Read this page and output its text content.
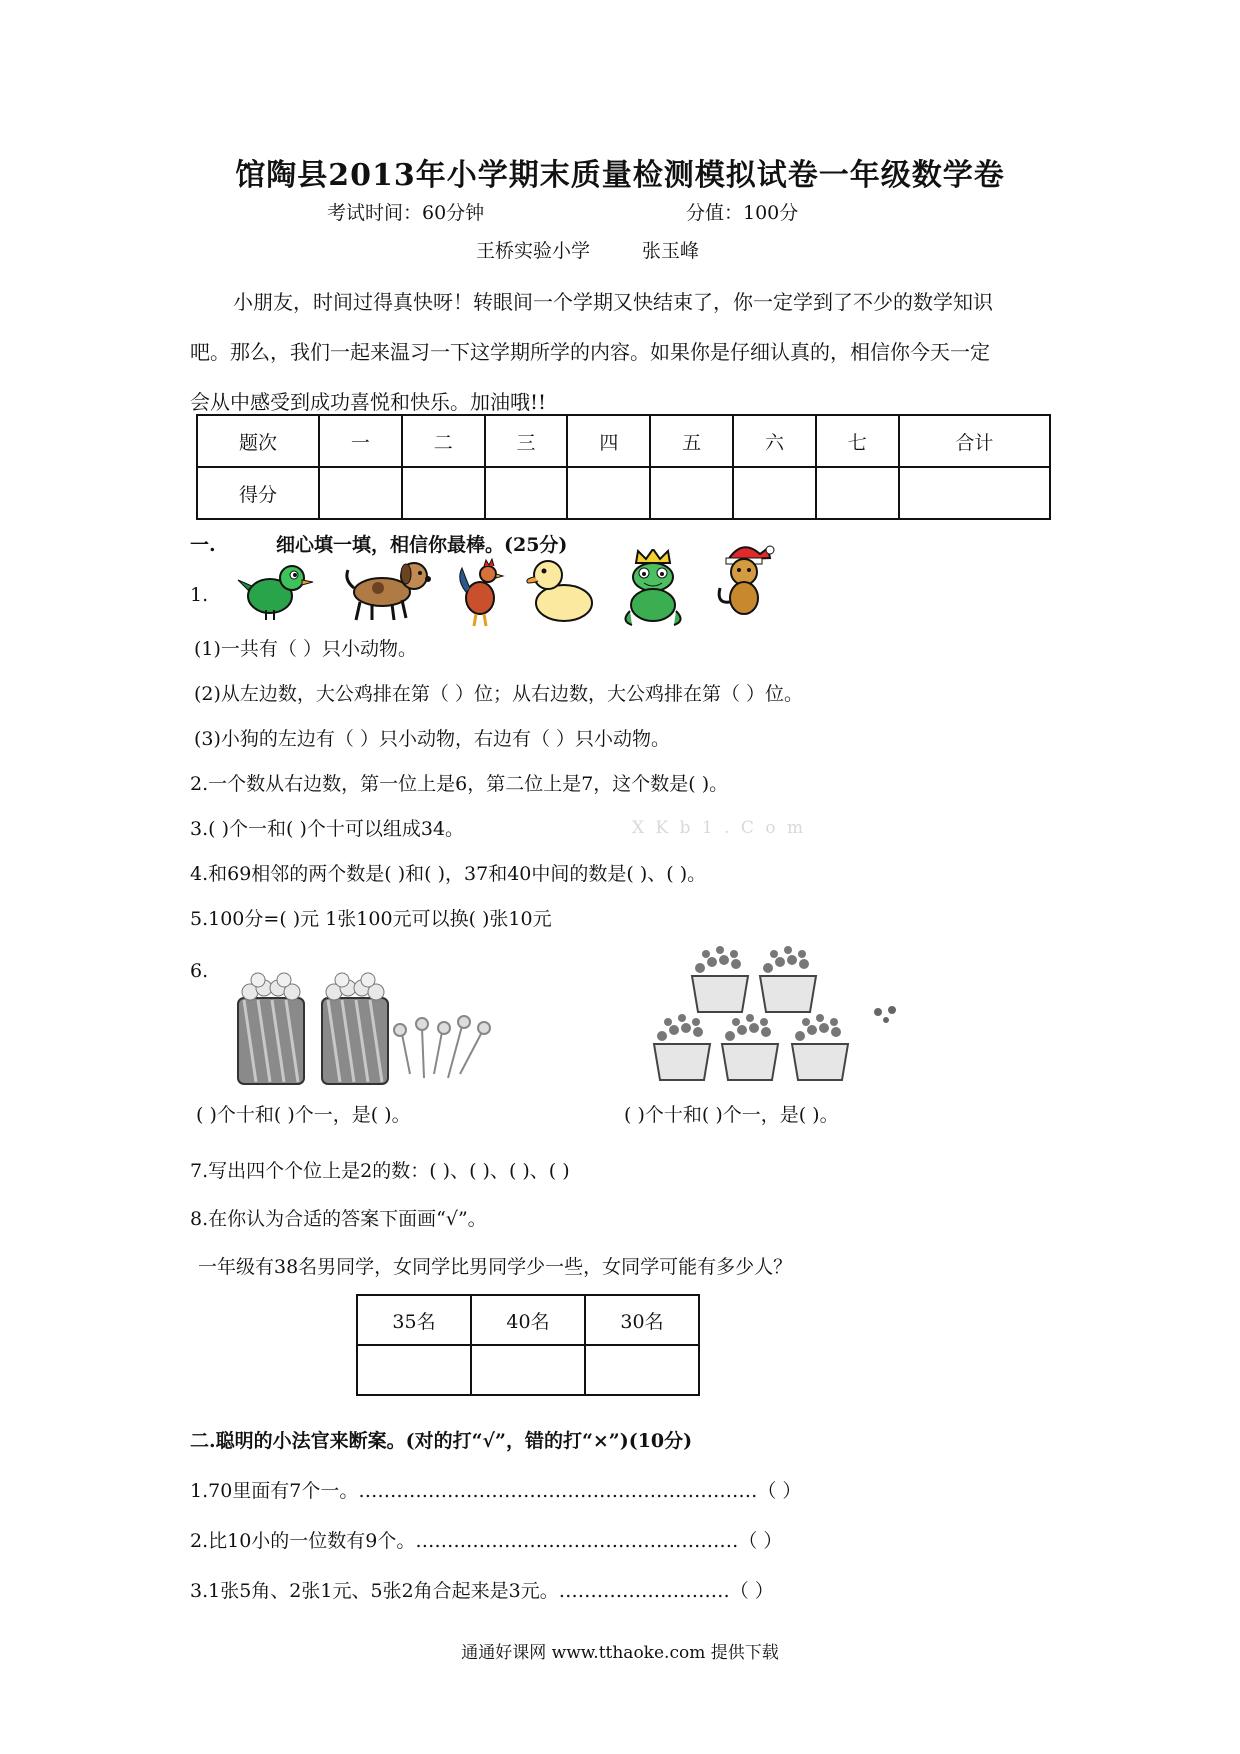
馆陶县2013年小学期末质量检测模拟试卷一年级数学卷
考试时间：60分钟	分值：100分
王桥实验小学	张玉峰
小朋友，时间过得真快呀！转眼间一个学期又快结束了，你一定学到了不少的数学知识
吧。那么，我们一起来温习一下这学期所学的内容。如果你是仔细认真的，相信你今天一定
会从中感受到成功喜悦和快乐。加油哦!!
题次	一	二	三	四	五	六	七	合计
得分								
一.	细心填一填，相信你最棒。(25分)
1.
(1)一共有（ ）只小动物。
(2)从左边数，大公鸡排在第（ ）位；从右边数，大公鸡排在第（ ）位。
(3)小狗的左边有（ ）只小动物，右边有（ ）只小动物。
2.一个数从右边数，第一位上是6，第二位上是7，这个数是( )。
3.( )个一和( )个十可以组成34。	X K b 1 . C o m
4.和69相邻的两个数是( )和( )，37和40中间的数是( )、( )。
5.100分=( )元 1张100元可以换( )张10元
6.
( )个十和( )个一，是( )。	( )个十和( )个一，是( )。
7.写出四个个位上是2的数：( )、( )、( )、( )
8.在你认为合适的答案下面画“√”。
一年级有38名男同学，女同学比男同学少一些，女同学可能有多少人？
35名	40名	30名

二.聪明的小法官来断案。(对的打“√”，错的打“×”)(10分)
1.70里面有7个一。………………………………………………………（ ）
2.比10小的一位数有9个。……………………………………………（ ）
3.1张5角、2张1元、5张2角合起来是3元。………………………（ ）
通通好课网 www.tthaoke.com 提供下载
